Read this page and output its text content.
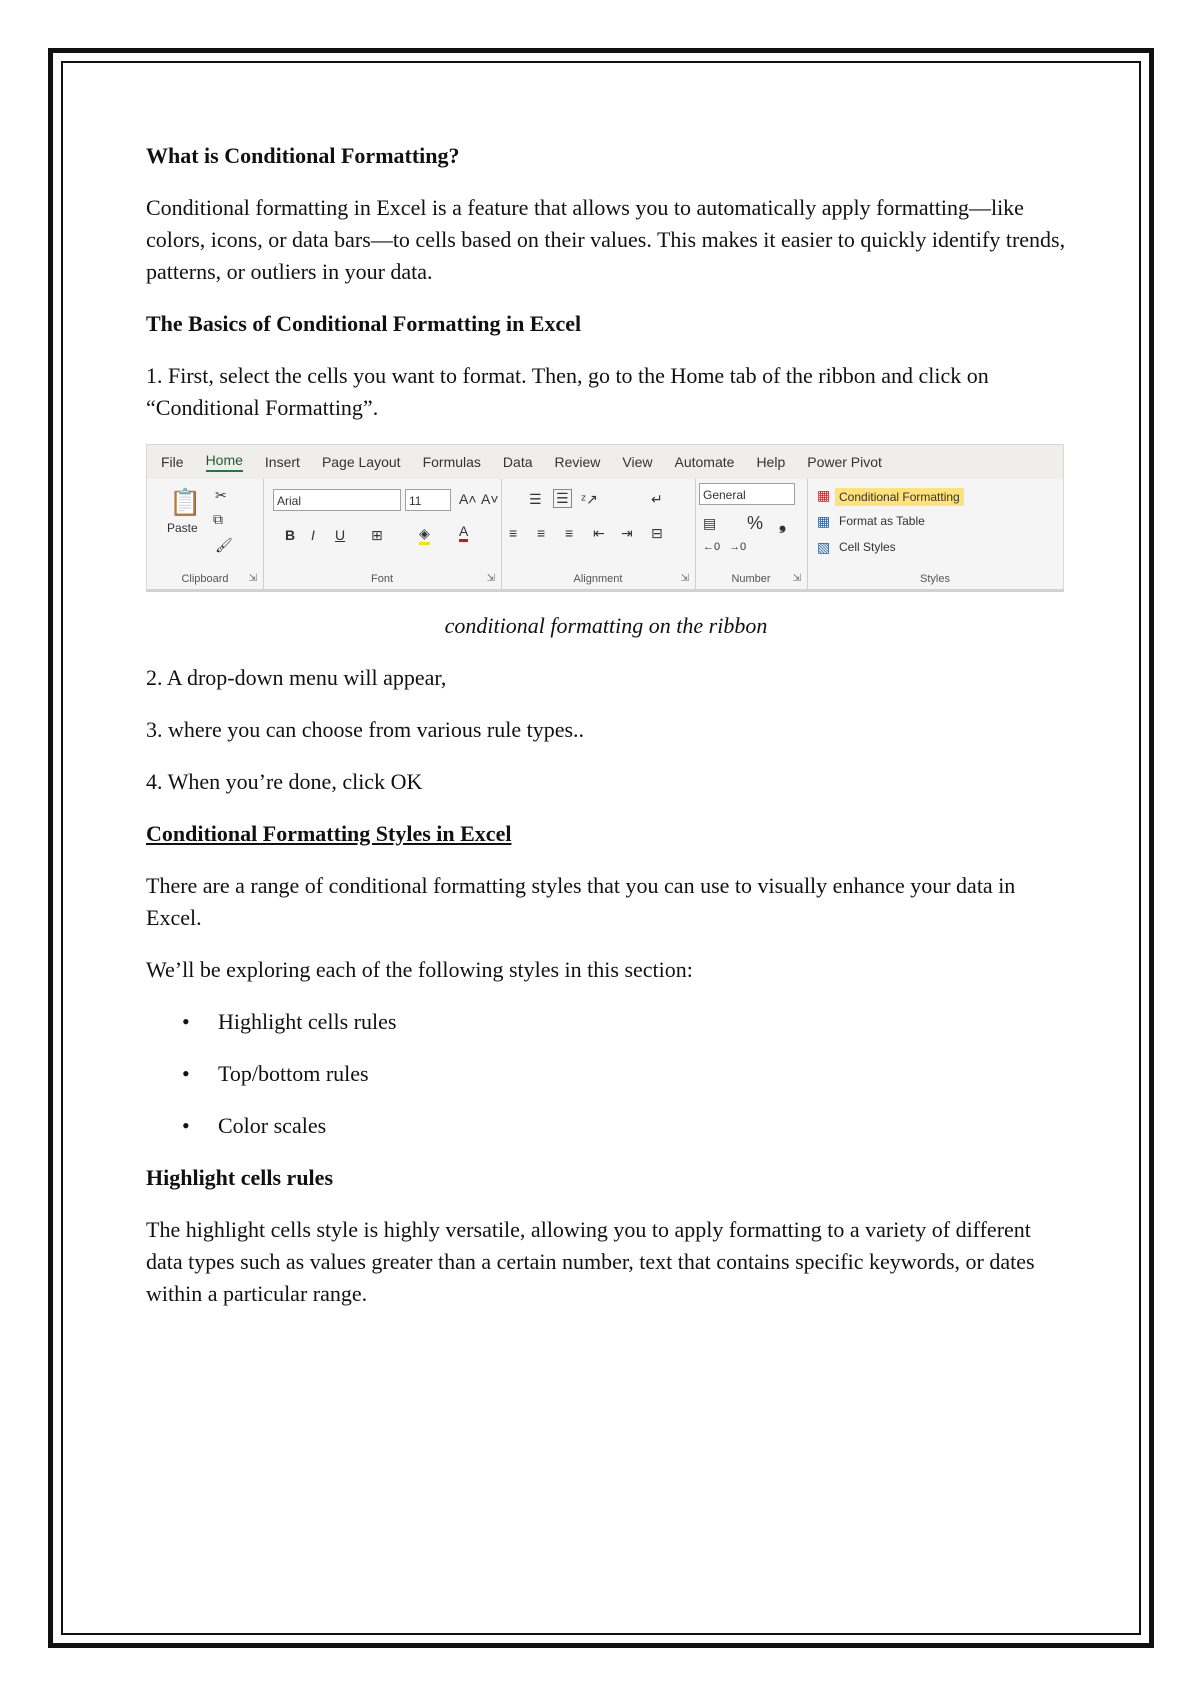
What is Conditional Formatting?

Conditional formatting in Excel is a feature that allows you to automatically apply formatting—like colors, icons, or data bars—to cells based on their values. This makes it easier to quickly identify trends, patterns, or outliers in your data.

The Basics of Conditional Formatting in Excel

1. First, select the cells you want to format. Then, go to the Home tab of the ribbon and click on “Conditional Formatting”.

File Home Insert Page Layout Formulas Data Review View Automate Help Power Pivot
📋
Paste
✂
⧉
🖌
Clipboard	⇲
Arial	11	A˄ A˅
B I U ⊞	◈ A
Font	⇲
☰ ☰ ᶻ↗
≡ ≡ ≡ ⇤ ⇥
↵
⊟
Alignment	⇲
General
▤ % ❟
←0 →0
Number	⇲
▦ Conditional Formatting
▦ Format as Table
▧ Cell Styles
Styles

conditional formatting on the ribbon

2. A drop-down menu will appear,

3. where you can choose from various rule types..

4. When you’re done, click OK

Conditional Formatting Styles in Excel

There are a range of conditional formatting styles that you can use to visually enhance your data in Excel.

We’ll be exploring each of the following styles in this section:

• Highlight cells rules
• Top/bottom rules
• Color scales

Highlight cells rules

The highlight cells style is highly versatile, allowing you to apply formatting to a variety of different data types such as values greater than a certain number, text that contains specific keywords, or dates within a particular range.
